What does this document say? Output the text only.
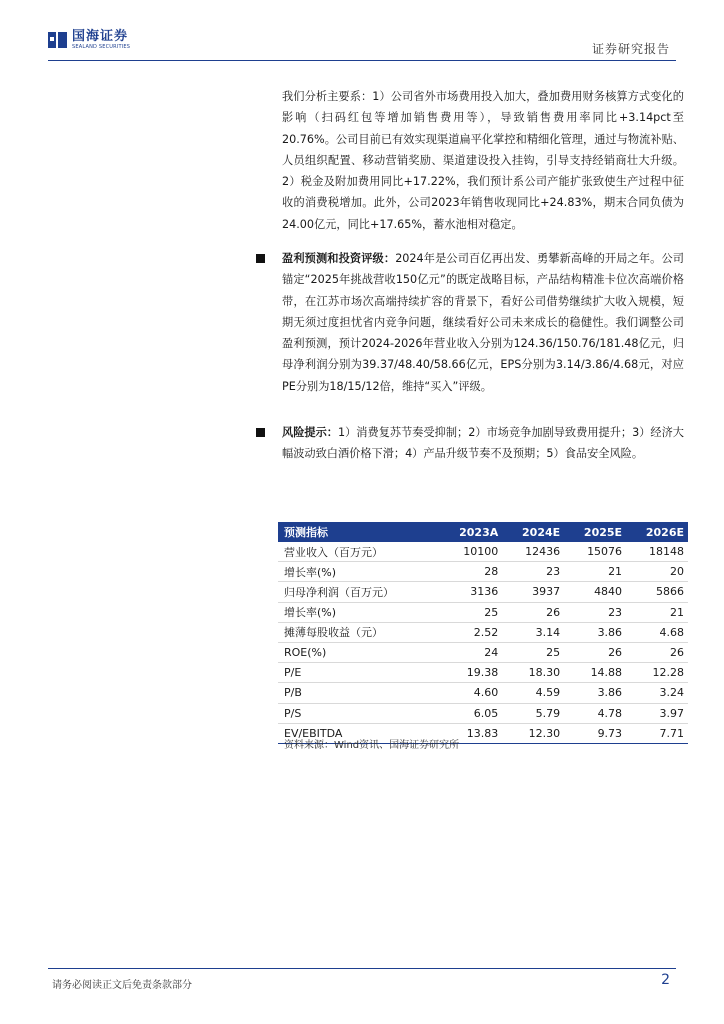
国海证券
SEALAND SECURITIES	证券研究报告
我们分析主要系：1）公司省外市场费用投入加大，叠加费用财务核算方式变化的影响（扫码红包等增加销售费用等），导致销售费用率同比+3.14pct至20.76%。公司目前已有效实现渠道扁平化掌控和精细化管理，通过与物流补贴、人员组织配置、移动营销奖励、渠道建设投入挂钩，引导支持经销商壮大升级。2）税金及附加费用同比+17.22%，我们预计系公司产能扩张致使生产过程中征收的消费税增加。此外，公司2023年销售收现同比+24.83%，期末合同负债为24.00亿元，同比+17.65%，蓄水池相对稳定。
盈利预测和投资评级：2024年是公司百亿再出发、勇攀新高峰的开局之年。公司锚定“2025年挑战营收150亿元”的既定战略目标，产品结构精准卡位次高端价格带，在江苏市场次高端持续扩容的背景下，看好公司借势继续扩大收入规模，短期无须过度担忧省内竞争问题，继续看好公司未来成长的稳健性。我们调整公司盈利预测，预计2024-2026年营业收入分别为124.36/150.76/181.48亿元，归母净利润分别为39.37/48.40/58.66亿元，EPS分别为3.14/3.86/4.68元，对应PE分别为18/15/12倍，维持“买入”评级。
风险提示：1）消费复苏节奏受抑制；2）市场竞争加剧导致费用提升；3）经济大幅波动致白酒价格下滑；4）产品升级节奏不及预期；5）食品安全风险。
预测指标	2023A	2024E	2025E	2026E
营业收入（百万元）	10100	12436	15076	18148
增长率(%)	28	23	21	20
归母净利润（百万元）	3136	3937	4840	5866
增长率(%)	25	26	23	21
摊薄每股收益（元）	2.52	3.14	3.86	4.68
ROE(%)	24	25	26	26
P/E	19.38	18.30	14.88	12.28
P/B	4.60	4.59	3.86	3.24
P/S	6.05	5.79	4.78	3.97
EV/EBITDA	13.83	12.30	9.73	7.71
资料来源：Wind资讯、国海证券研究所
请务必阅读正文后免责条款部分	2
